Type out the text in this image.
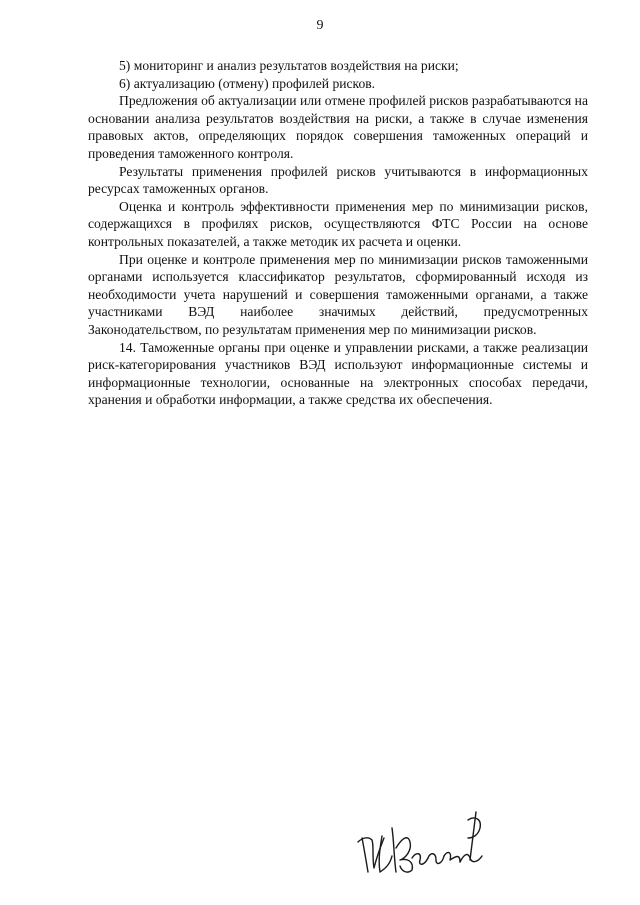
9

5) мониторинг и анализ результатов воздействия на риски;

6) актуализацию (отмену) профилей рисков.

Предложения об актуализации или отмене профилей рисков разрабатываются на основании анализа результатов воздействия на риски, а также в случае изменения правовых актов, определяющих порядок совершения таможенных операций и проведения таможенного контроля.

Результаты применения профилей рисков учитываются в информационных ресурсах таможенных органов.

Оценка и контроль эффективности применения мер по минимизации рисков, содержащихся в профилях рисков, осуществляются ФТС России на основе контрольных показателей, а также методик их расчета и оценки.

При оценке и контроле применения мер по минимизации рисков таможенными органами используется классификатор результатов, сформированный исходя из необходимости учета нарушений и совершения таможенными органами, а также участниками ВЭД наиболее значимых действий, предусмотренных Законодательством, по результатам применения мер по минимизации рисков.

14. Таможенные органы при оценке и управлении рисками, а также реализации риск-категорирования участников ВЭД используют информационные системы и информационные технологии, основанные на электронных способах передачи, хранения и обработки информации, а также средства их обеспечения.
